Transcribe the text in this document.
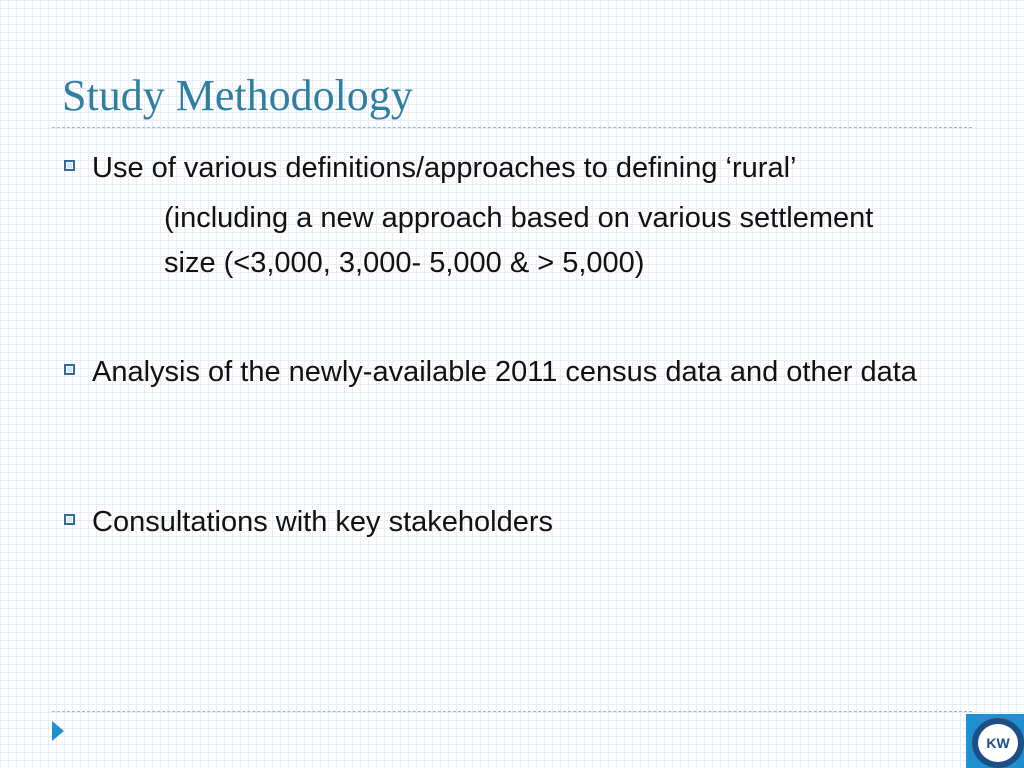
Study Methodology
Use of various definitions/approaches to defining ‘rural’
(including a new approach based on various settlement size (<3,000, 3,000- 5,000 & > 5,000)
Analysis of the newly-available 2011 census data and other data
Consultations with key stakeholders
KW
